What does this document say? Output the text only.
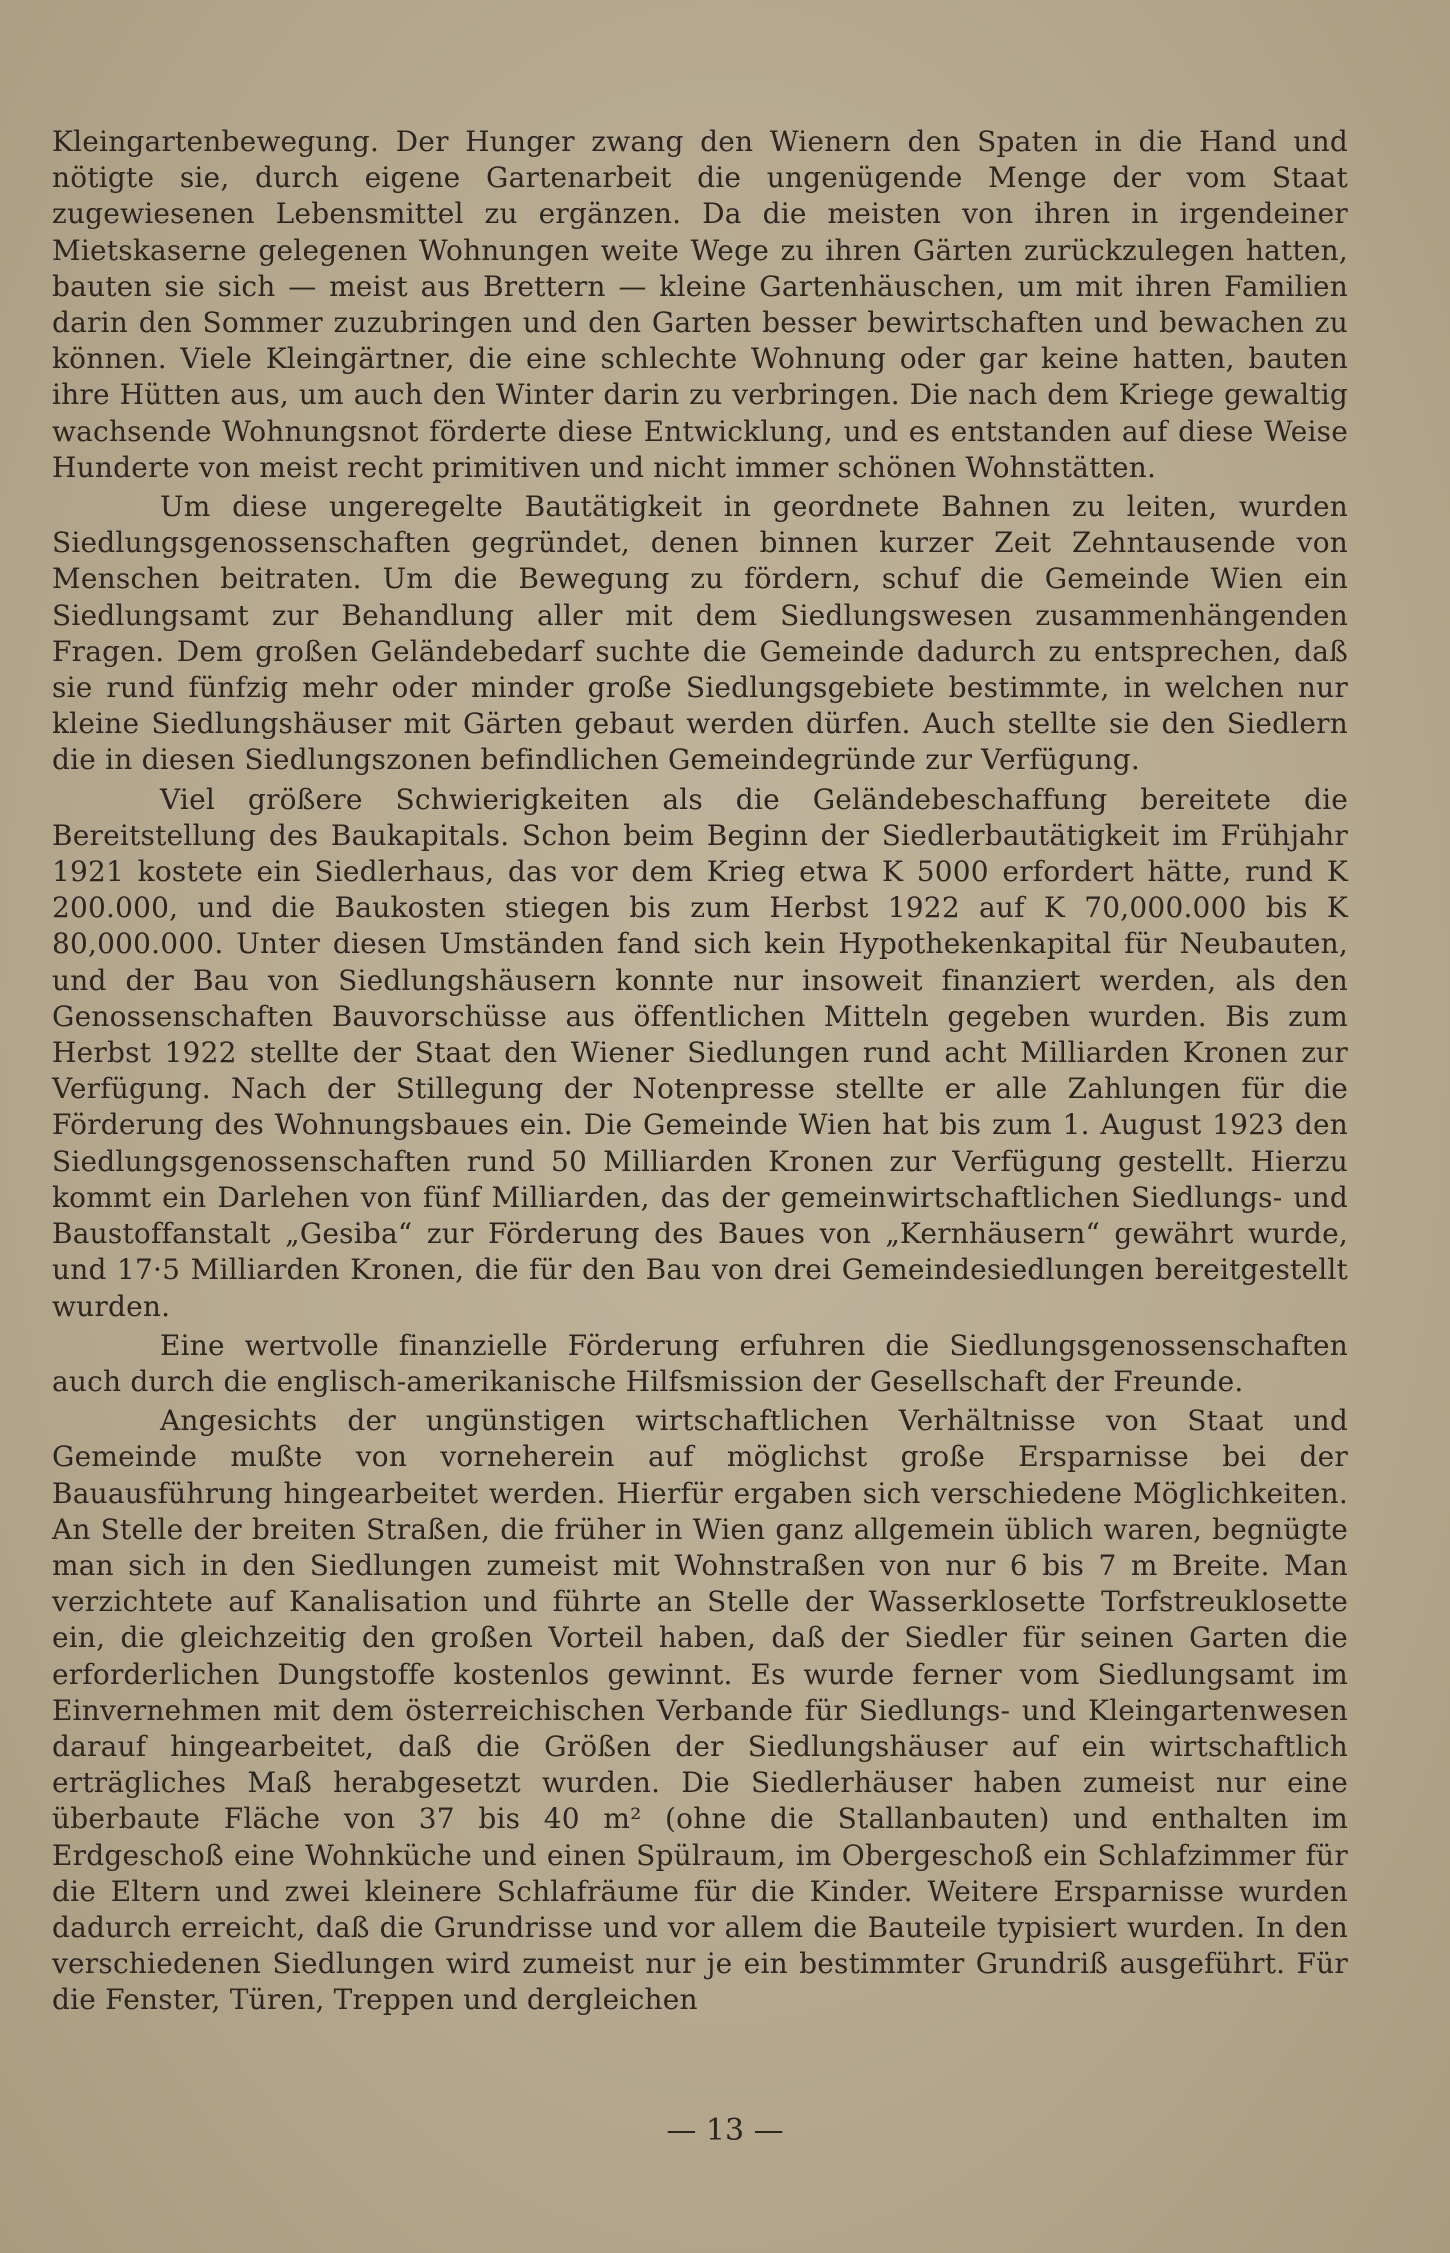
Kleingartenbewegung. Der Hunger zwang den Wienern den Spaten in die Hand und nötigte sie, durch eigene Gartenarbeit die ungenügende Menge der vom Staat zugewiesenen Lebensmittel zu ergänzen. Da die meisten von ihren in irgendeiner Mietskaserne gelegenen Wohnungen weite Wege zu ihren Gärten zurückzulegen hatten, bauten sie sich — meist aus Brettern — kleine Gartenhäuschen, um mit ihren Familien darin den Sommer zuzubringen und den Garten besser bewirtschaften und bewachen zu können. Viele Kleingärtner, die eine schlechte Wohnung oder gar keine hatten, bauten ihre Hütten aus, um auch den Winter darin zu verbringen. Die nach dem Kriege gewaltig wachsende Wohnungsnot förderte diese Entwicklung, und es entstanden auf diese Weise Hunderte von meist recht primitiven und nicht immer schönen Wohnstätten.

Um diese ungeregelte Bautätigkeit in geordnete Bahnen zu leiten, wurden Siedlungsgenossenschaften gegründet, denen binnen kurzer Zeit Zehntausende von Menschen beitraten. Um die Bewegung zu fördern, schuf die Gemeinde Wien ein Siedlungsamt zur Behandlung aller mit dem Siedlungswesen zusammenhängenden Fragen. Dem großen Geländebedarf suchte die Gemeinde dadurch zu entsprechen, daß sie rund fünfzig mehr oder minder große Siedlungsgebiete bestimmte, in welchen nur kleine Siedlungshäuser mit Gärten gebaut werden dürfen. Auch stellte sie den Siedlern die in diesen Siedlungszonen befindlichen Gemeindegründe zur Verfügung.

Viel größere Schwierigkeiten als die Geländebeschaffung bereitete die Bereitstellung des Baukapitals. Schon beim Beginn der Siedlerbautätigkeit im Frühjahr 1921 kostete ein Siedlerhaus, das vor dem Krieg etwa K 5000 erfordert hätte, rund K 200.000, und die Baukosten stiegen bis zum Herbst 1922 auf K 70,000.000 bis K 80,000.000. Unter diesen Umständen fand sich kein Hypothekenkapital für Neubauten, und der Bau von Siedlungshäusern konnte nur insoweit finanziert werden, als den Genossenschaften Bauvorschüsse aus öffentlichen Mitteln gegeben wurden. Bis zum Herbst 1922 stellte der Staat den Wiener Siedlungen rund acht Milliarden Kronen zur Verfügung. Nach der Stillegung der Notenpresse stellte er alle Zahlungen für die Förderung des Wohnungsbaues ein. Die Gemeinde Wien hat bis zum 1. August 1923 den Siedlungsgenossenschaften rund 50 Milliarden Kronen zur Verfügung gestellt. Hierzu kommt ein Darlehen von fünf Milliarden, das der gemeinwirtschaftlichen Siedlungs- und Baustoffanstalt „Gesiba“ zur Förderung des Baues von „Kernhäusern“ gewährt wurde, und 17·5 Milliarden Kronen, die für den Bau von drei Gemeindesiedlungen bereitgestellt wurden.

Eine wertvolle finanzielle Förderung erfuhren die Siedlungsgenossenschaften auch durch die englisch-amerikanische Hilfsmission der Gesellschaft der Freunde.

Angesichts der ungünstigen wirtschaftlichen Verhältnisse von Staat und Gemeinde mußte von vorneherein auf möglichst große Ersparnisse bei der Bauausführung hingearbeitet werden. Hierfür ergaben sich verschiedene Möglichkeiten. An Stelle der breiten Straßen, die früher in Wien ganz allgemein üblich waren, begnügte man sich in den Siedlungen zumeist mit Wohnstraßen von nur 6 bis 7 m Breite. Man verzichtete auf Kanalisation und führte an Stelle der Wasserklosette Torfstreuklosette ein, die gleichzeitig den großen Vorteil haben, daß der Siedler für seinen Garten die erforderlichen Dungstoffe kostenlos gewinnt. Es wurde ferner vom Siedlungsamt im Einvernehmen mit dem österreichischen Verbande für Siedlungs- und Kleingartenwesen darauf hingearbeitet, daß die Größen der Siedlungshäuser auf ein wirtschaftlich erträgliches Maß herabgesetzt wurden. Die Siedlerhäuser haben zumeist nur eine überbaute Fläche von 37 bis 40 m² (ohne die Stallanbauten) und enthalten im Erdgeschoß eine Wohnküche und einen Spülraum, im Obergeschoß ein Schlafzimmer für die Eltern und zwei kleinere Schlafräume für die Kinder. Weitere Ersparnisse wurden dadurch erreicht, daß die Grundrisse und vor allem die Bauteile typisiert wurden. In den verschiedenen Siedlungen wird zumeist nur je ein bestimmter Grundriß ausgeführt. Für die Fenster, Türen, Treppen und dergleichen

— 13 —
